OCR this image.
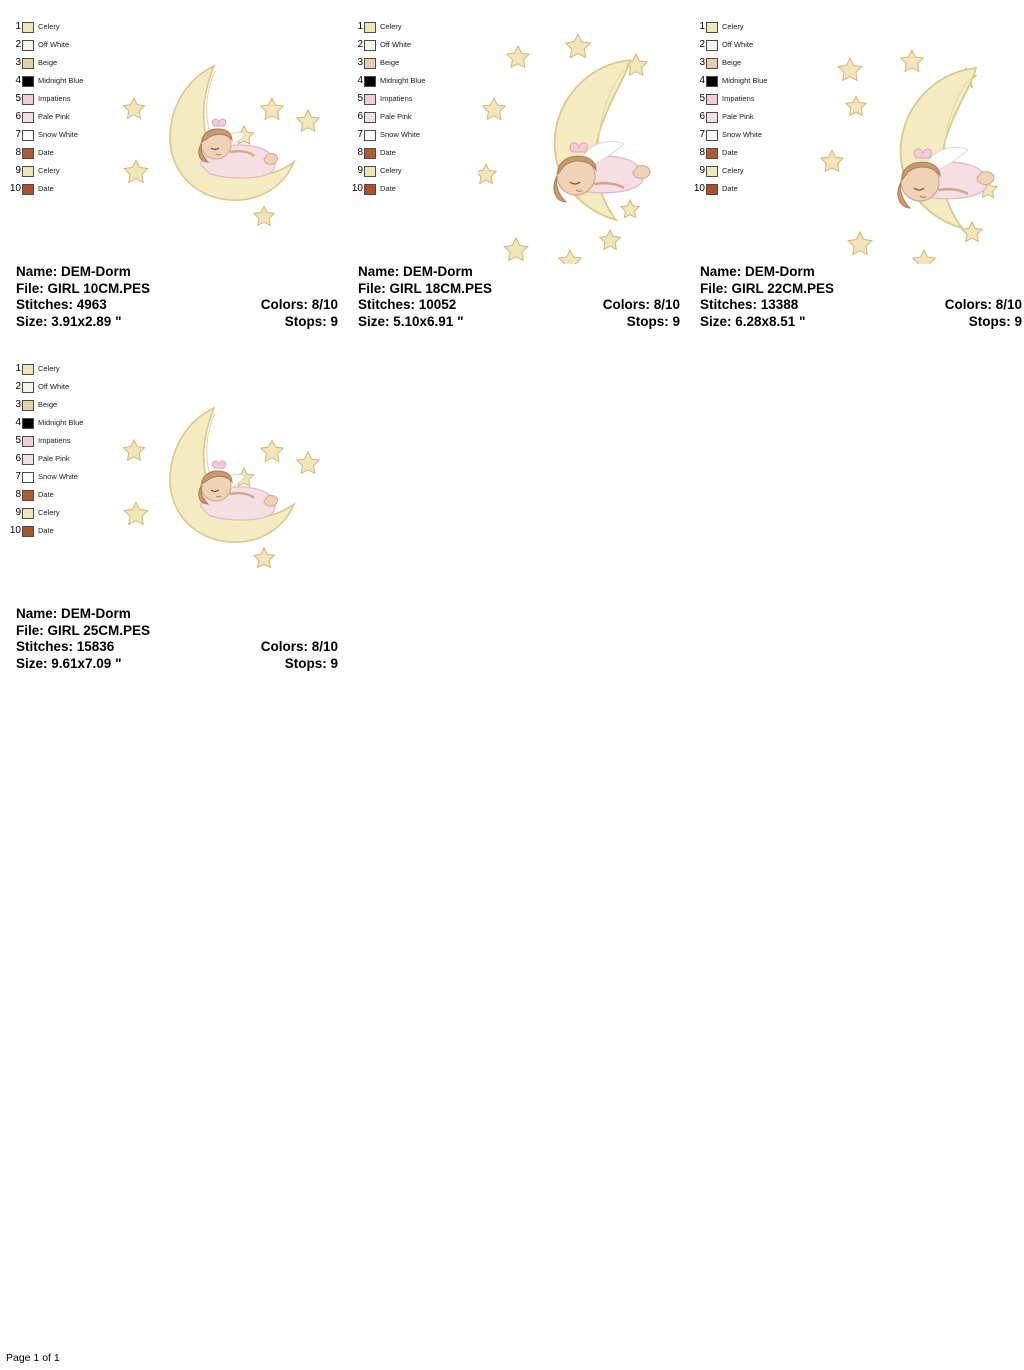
1 Celery
2 Off White
3 Beige
4 Midnight Blue
5 Impatiens
6 Pale Pink
7 Snow White
8 Date
9 Celery
10 Date
Name: DEM-Dorm
File: GIRL 10CM.PES
Stitches: 4963	Colors: 8/10
Size: 3.91x2.89 "	Stops: 9
1 Celery
2 Off White
3 Beige
4 Midnight Blue
5 Impatiens
6 Pale Pink
7 Snow White
8 Date
9 Celery
10 Date
Name: DEM-Dorm
File: GIRL 18CM.PES
Stitches: 10052	Colors: 8/10
Size: 5.10x6.91 "	Stops: 9
1 Celery
2 Off White
3 Beige
4 Midnight Blue
5 Impatiens
6 Pale Pink
7 Snow White
8 Date
9 Celery
10 Date
Name: DEM-Dorm
File: GIRL 22CM.PES
Stitches: 13388	Colors: 8/10
Size: 6.28x8.51 "	Stops: 9
1 Celery
2 Off White
3 Beige
4 Midnight Blue
5 Impatiens
6 Pale Pink
7 Snow White
8 Date
9 Celery
10 Date
Name: DEM-Dorm
File: GIRL 25CM.PES
Stitches: 15836	Colors: 8/10
Size: 9.61x7.09 "	Stops: 9
Page 1 of 1
